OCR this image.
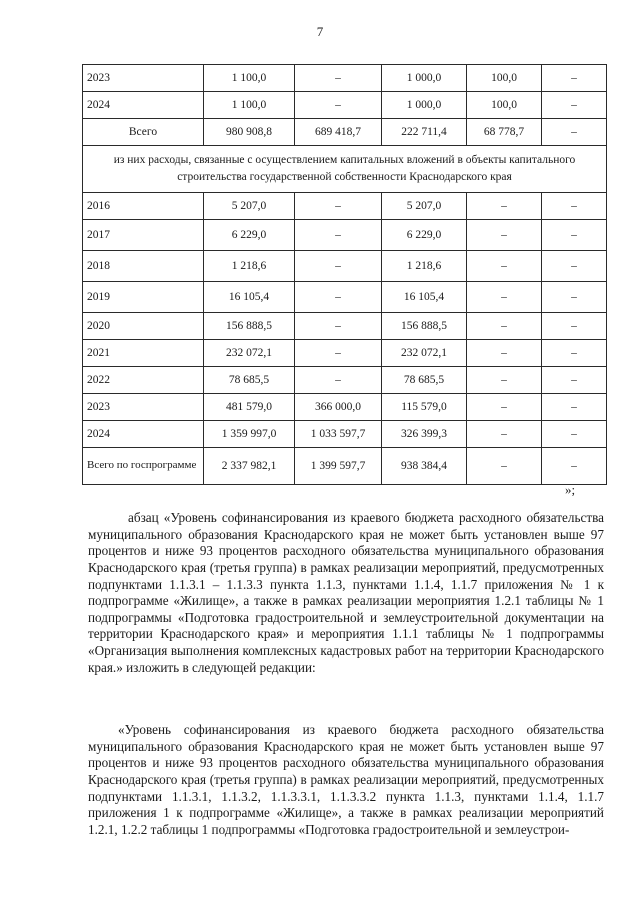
7
2023	1 100,0	–	1 000,0	100,0	–
2024	1 100,0	–	1 000,0	100,0	–
Всего	980 908,8	689 418,7	222 711,4	68 778,7	–
из них расходы, связанные с осуществлением капитальных вложений в объекты капитального строительства государственной собственности Краснодарского края					
2016	5 207,0	–	5 207,0	–	–
2017	6 229,0	–	6 229,0	–	–
2018	1 218,6	–	1 218,6	–	–
2019	16 105,4	–	16 105,4	–	–
2020	156 888,5	–	156 888,5	–	–
2021	232 072,1	–	232 072,1	–	–
2022	78 685,5	–	78 685,5	–	–
2023	481 579,0	366 000,0	115 579,0	–	–
2024	1 359 997,0	1 033 597,7	326 399,3	–	–
Всего по госпрограмме	2 337 982,1	1 399 597,7	938 384,4	–	–
»;

абзац «Уровень софинансирования из краевого бюджета расходного обязательства муниципального образования Краснодарского края не может быть установлен выше 97 процентов и ниже 93 процентов расходного обязательства муниципального образования Краснодарского края (третья группа) в рамках реализации мероприятий, предусмотренных подпунктами 1.1.3.1 – 1.1.3.3 пункта 1.1.3, пунктами 1.1.4, 1.1.7 приложения № 1 к подпрограмме «Жилище», а также в рамках реализации мероприятия 1.2.1 таблицы № 1 подпрограммы «Подготовка градостроительной и землеустроительной документации на территории Краснодарского края» и мероприятия 1.1.1 таблицы № 1 подпрограммы «Организация выполнения комплексных кадастровых работ на территории Краснодарского края.» изложить в следующей редакции:

«Уровень софинансирования из краевого бюджета расходного обязательства муниципального образования Краснодарского края не может быть установлен выше 97 процентов и ниже 93 процентов расходного обязательства муниципального образования Краснодарского края (третья группа) в рамках реализации мероприятий, предусмотренных подпунктами 1.1.3.1, 1.1.3.2, 1.1.3.3.1, 1.1.3.3.2 пункта 1.1.3, пунктами 1.1.4, 1.1.7 приложения 1 к подпрограмме «Жилище», а также в рамках реализации мероприятий 1.2.1, 1.2.2 таблицы 1 подпрограммы «Подготовка градостроительной и землеустрои-
